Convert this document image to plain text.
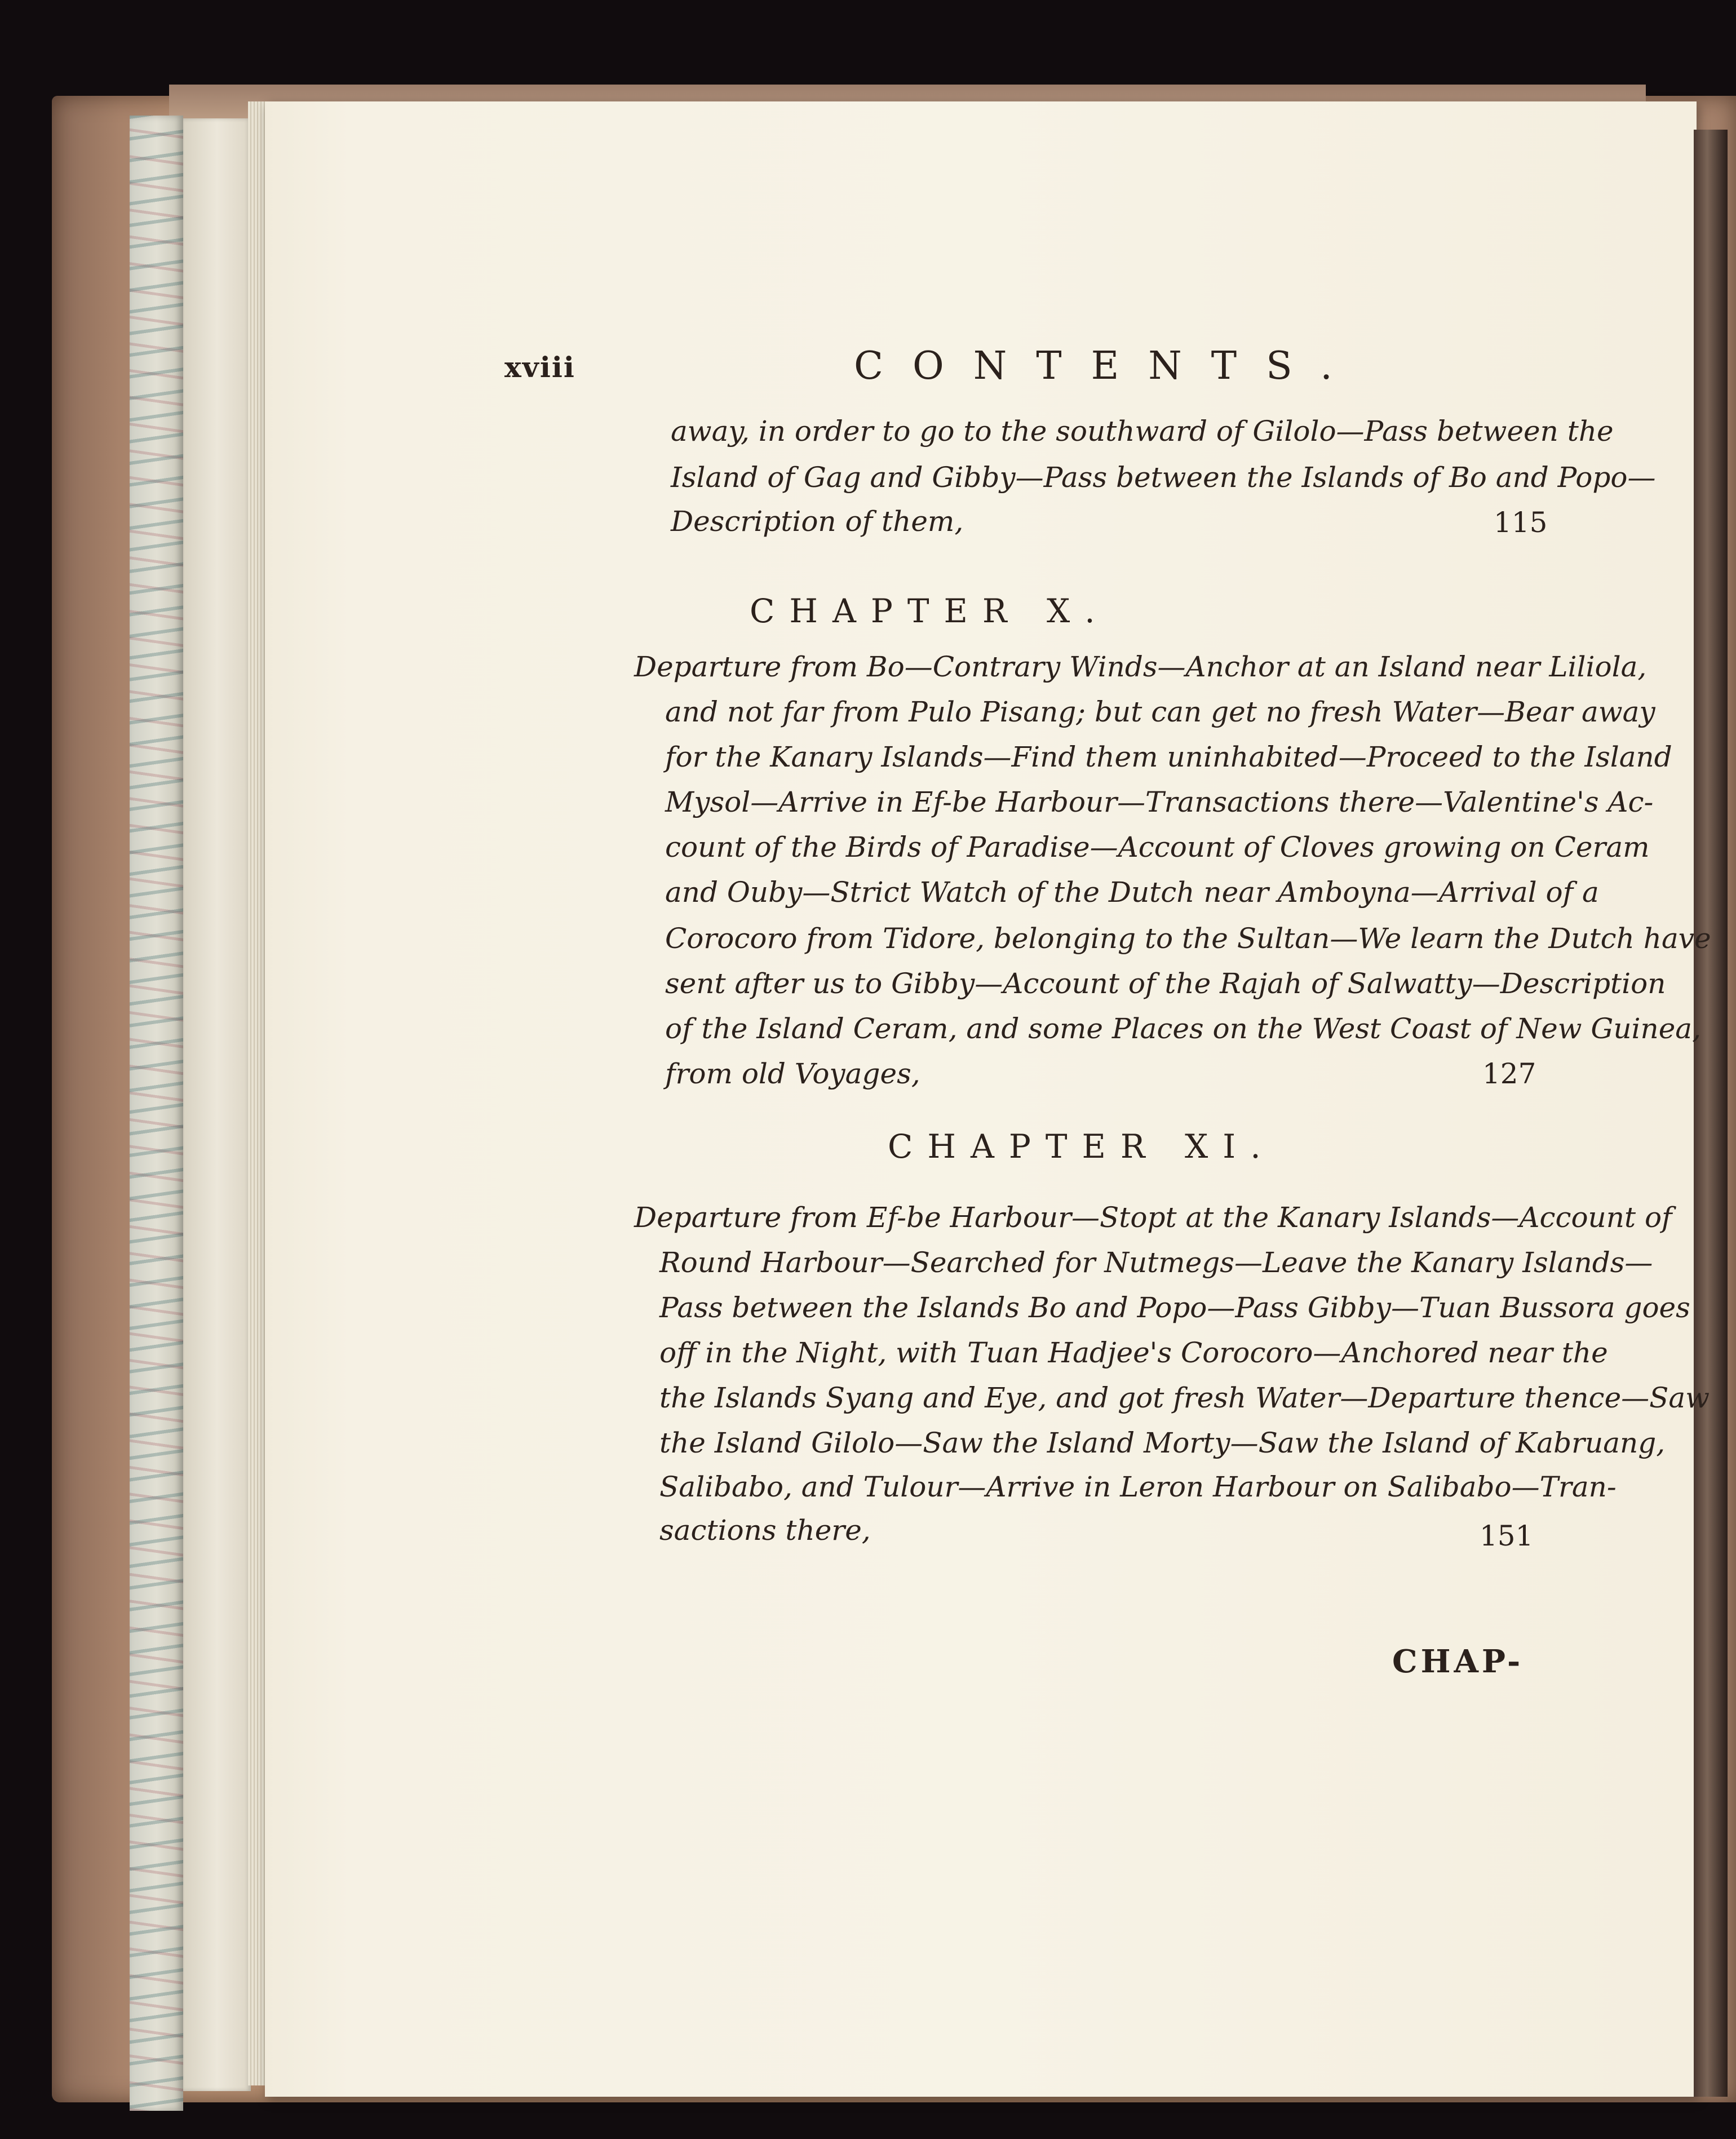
xviii	CONTENTS.
away, in order to go to the southward of Gilolo—Pass between the
Island of Gag and Gibby—Pass between the Islands of Bo and Popo—
Description of them,	115
CHAPTER X.
Departure from Bo—Contrary Winds—Anchor at an Island near Liliola,
and not far from Pulo Pisang; but can get no fresh Water—Bear away
for the Kanary Islands—Find them uninhabited—Proceed to the Island
Mysol—Arrive in Ef-be Harbour—Transactions there—Valentine's Ac-
count of the Birds of Paradise—Account of Cloves growing on Ceram
and Ouby—Strict Watch of the Dutch near Amboyna—Arrival of a
Corocoro from Tidore, belonging to the Sultan—We learn the Dutch have
sent after us to Gibby—Account of the Rajah of Salwatty—Description
of the Island Ceram, and some Places on the West Coast of New Guinea,
from old Voyages,	127
CHAPTER XI.
Departure from Ef-be Harbour—Stopt at the Kanary Islands—Account of
Round Harbour—Searched for Nutmegs—Leave the Kanary Islands—
Pass between the Islands Bo and Popo—Pass Gibby—Tuan Bussora goes
off in the Night, with Tuan Hadjee's Corocoro—Anchored near the
the Islands Syang and Eye, and got fresh Water—Departure thence—Saw
the Island Gilolo—Saw the Island Morty—Saw the Island of Kabruang,
Salibabo, and Tulour—Arrive in Leron Harbour on Salibabo—Tran-
sactions there,	151
CHAP-
